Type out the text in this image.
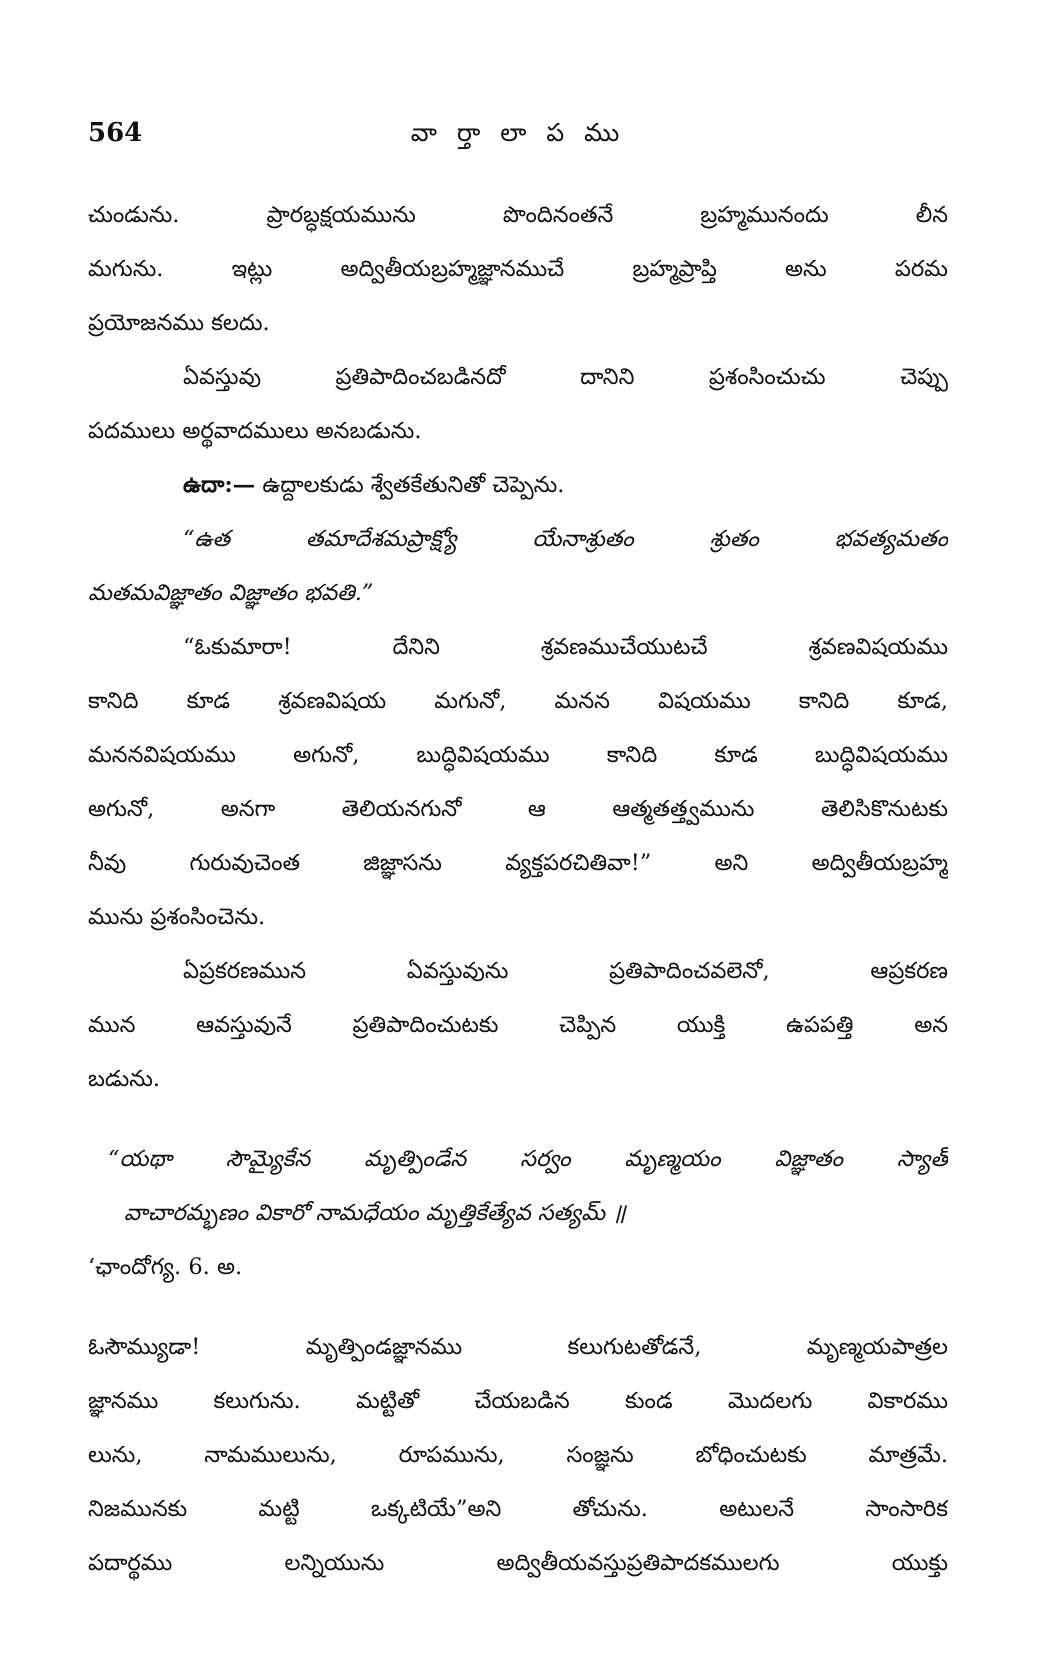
564	వా ర్తా లా ప ము
చుండును. ప్రారబ్ధక్షయమును పొందినంతనే బ్రహ్మమునందు లీన
మగును. ఇట్లు అద్వితీయబ్రహ్మజ్ఞానముచే బ్రహ్మప్రాప్తి అను పరమ
ప్రయోజనము కలదు.
ఏవస్తువు ప్రతిపాదించబడినదో దానిని ప్రశంసించుచు చెప్పు
పదములు అర్థవాదములు అనబడును.
ఉదా:— ఉద్దాలకుడు శ్వేతకేతునితో చెప్పెను.
“ఉత తమాదేశమప్రాక్ష్యో యేనాశ్రుతం శ్రుతం భవత్యమతం
మతమవిజ్ఞాతం విజ్ఞాతం భవతి.”
“ఓకుమారా! దేనిని శ్రవణముచేయుటచే శ్రవణవిషయము
కానిది కూడ శ్రవణవిషయ మగునో, మనన విషయము కానిది కూడ,
మననవిషయము అగునో, బుద్ధివిషయము కానిది కూడ బుద్ధివిషయము
అగునో, అనగా తెలియనగునో ఆ ఆత్మతత్త్వమును తెలిసికొనుటకు
నీవు గురువుచెంత జిజ్ఞాసను వ్యక్తపరచితివా!” అని అద్వితీయబ్రహ్మ
మును ప్రశంసించెను.
ఏప్రకరణమున ఏవస్తువును ప్రతిపాదించవలెనో, ఆప్రకరణ
మున ఆవస్తువునే ప్రతిపాదించుటకు చెప్పిన యుక్తి ఉపపత్తి అన
బడును.
“యథా సౌమ్యైకేన మృత్పిండేన సర్వం మృణ్మయం విజ్ఞాతం స్యాత్
వాచారమ్భణం వికారో నామధేయం మృత్తికేత్యేవ సత్యమ్ ॥
‘ఛాందోగ్య. 6. అ.
ఓసౌమ్యుడా! మృత్పిండజ్ఞానము కలుగుటతోడనే, మృణ్మయపాత్రల
జ్ఞానము కలుగును. మట్టితో చేయబడిన కుండ మొదలగు వికారము
లును, నామములును, రూపమును, సంజ్ఞను బోధించుటకు మాత్రమే.
నిజమునకు మట్టి ఒక్కటియే”అని తోచును. అటులనే సాంసారిక
పదార్థము లన్నియును అద్వితీయవస్తుప్రతిపాదకములగు యుక్తు
